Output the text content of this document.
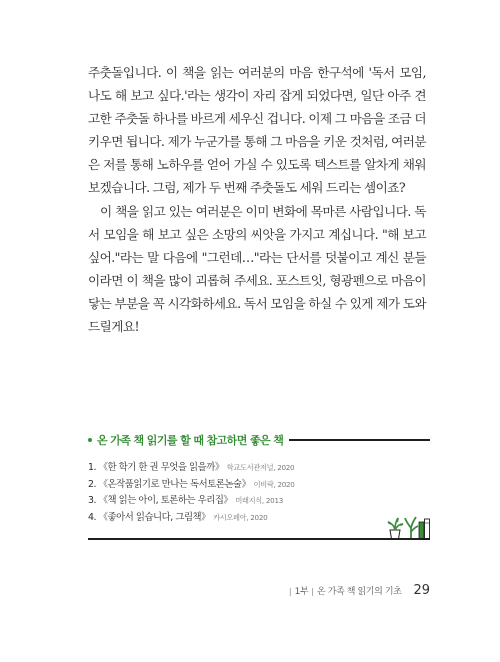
주춧돌입니다. 이 책을 읽는 여러분의 마음 한구석에 '독서 모임, 나도 해 보고 싶다.'라는 생각이 자리 잡게 되었다면, 일단 아주 견고한 주춧돌 하나를 바르게 세우신 겁니다. 이제 그 마음을 조금 더 키우면 됩니다. 제가 누군가를 통해 그 마음을 키운 것처럼, 여러분은 저를 통해 노하우를 얻어 가실 수 있도록 텍스트를 알차게 채워보겠습니다. 그럼, 제가 두 번째 주춧돌도 세워 드리는 셈이죠?

이 책을 읽고 있는 여러분은 이미 변화에 목마른 사람입니다. 독서 모임을 해 보고 싶은 소망의 씨앗을 가지고 계십니다. "해 보고 싶어."라는 말 다음에 "그런데…"라는 단서를 덧붙이고 계신 분들이라면 이 책을 많이 괴롭혀 주세요. 포스트잇, 형광펜으로 마음이 닿는 부분을 꼭 시각화하세요. 독서 모임을 하실 수 있게 제가 도와드릴게요!

온 가족 책 읽기를 할 때 참고하면 좋은 책
1. 《한 학기 한 권 무엇을 읽을까》 학교도서관저널, 2020
2. 《온작품읽기로 만나는 독서토론논술》 이비락, 2020
3. 《책 읽는 아이, 토론하는 우리집》 미래지식, 2013
4. 《좋아서 읽습니다, 그림책》 카시오페아, 2020
| 1부 | 온 가족 책 읽기의 기초 29
